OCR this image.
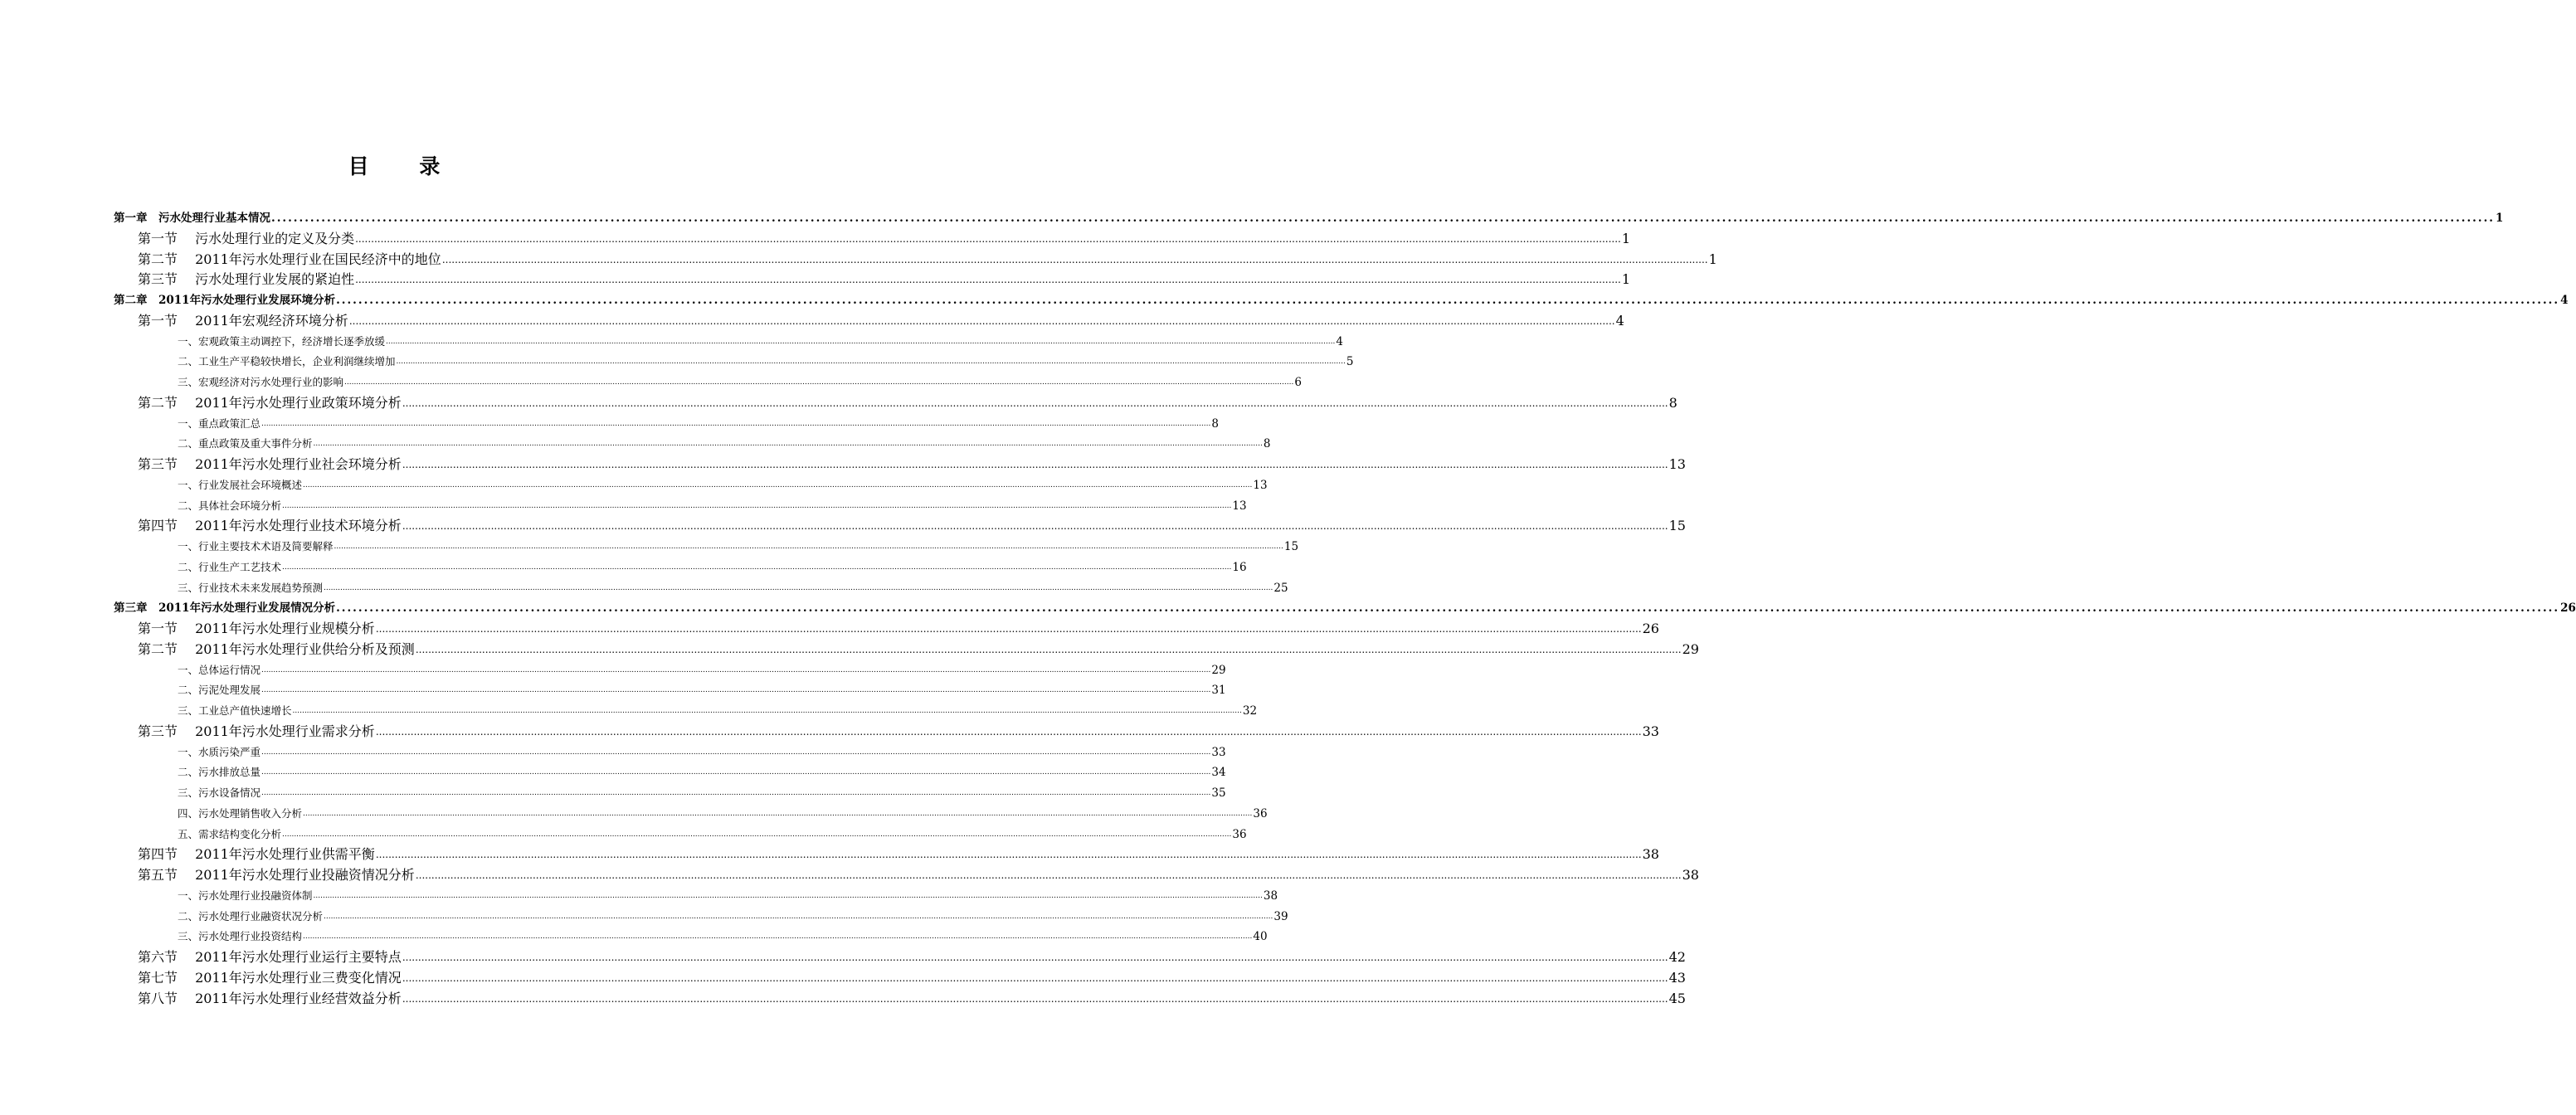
目 录
第一章　污水处理行业基本情况 ................................................................................................................................................................................................................................................................................................................................................................................................................ 1
第一节　 污水处理行业的定义及分类 ................................................................................................................................................................................................................................................................................................................................................................................................................ 1
第二节　 2011年污水处理行业在国民经济中的地位 ................................................................................................................................................................................................................................................................................................................................................................................................................ 1
第三节　 污水处理行业发展的紧迫性 ................................................................................................................................................................................................................................................................................................................................................................................................................ 1
第二章　2011年污水处理行业发展环境分析 ................................................................................................................................................................................................................................................................................................................................................................................................................ 4
第一节　 2011年宏观经济环境分析 ................................................................................................................................................................................................................................................................................................................................................................................................................ 4
一、宏观政策主动调控下，经济增长逐季放缓 ................................................................................................................................................................................................................................................................................................................................................................................................................ 4
二、工业生产平稳较快增长，企业利润继续增加 ................................................................................................................................................................................................................................................................................................................................................................................................................ 5
三、宏观经济对污水处理行业的影响 ................................................................................................................................................................................................................................................................................................................................................................................................................ 6
第二节　 2011年污水处理行业政策环境分析 ................................................................................................................................................................................................................................................................................................................................................................................................................ 8
一、重点政策汇总 ................................................................................................................................................................................................................................................................................................................................................................................................................ 8
二、重点政策及重大事件分析 ................................................................................................................................................................................................................................................................................................................................................................................................................ 8
第三节　 2011年污水处理行业社会环境分析 ................................................................................................................................................................................................................................................................................................................................................................................................................ 13
一、行业发展社会环境概述 ................................................................................................................................................................................................................................................................................................................................................................................................................ 13
二、具体社会环境分析 ................................................................................................................................................................................................................................................................................................................................................................................................................ 13
第四节　 2011年污水处理行业技术环境分析 ................................................................................................................................................................................................................................................................................................................................................................................................................ 15
一、行业主要技术术语及简要解释 ................................................................................................................................................................................................................................................................................................................................................................................................................ 15
二、行业生产工艺技术 ................................................................................................................................................................................................................................................................................................................................................................................................................ 16
三、行业技术未来发展趋势预测 ................................................................................................................................................................................................................................................................................................................................................................................................................ 25
第三章　2011年污水处理行业发展情况分析 ................................................................................................................................................................................................................................................................................................................................................................................................................ 26
第一节　 2011年污水处理行业规模分析 ................................................................................................................................................................................................................................................................................................................................................................................................................ 26
第二节　 2011年污水处理行业供给分析及预测 ................................................................................................................................................................................................................................................................................................................................................................................................................ 29
一、总体运行情况 ................................................................................................................................................................................................................................................................................................................................................................................................................ 29
二、污泥处理发展 ................................................................................................................................................................................................................................................................................................................................................................................................................ 31
三、工业总产值快速增长 ................................................................................................................................................................................................................................................................................................................................................................................................................ 32
第三节　 2011年污水处理行业需求分析 ................................................................................................................................................................................................................................................................................................................................................................................................................ 33
一、水质污染严重 ................................................................................................................................................................................................................................................................................................................................................................................................................ 33
二、污水排放总量 ................................................................................................................................................................................................................................................................................................................................................................................................................ 34
三、污水设备情况 ................................................................................................................................................................................................................................................................................................................................................................................................................ 35
四、污水处理销售收入分析 ................................................................................................................................................................................................................................................................................................................................................................................................................ 36
五、需求结构变化分析 ................................................................................................................................................................................................................................................................................................................................................................................................................ 36
第四节　 2011年污水处理行业供需平衡 ................................................................................................................................................................................................................................................................................................................................................................................................................ 38
第五节　 2011年污水处理行业投融资情况分析 ................................................................................................................................................................................................................................................................................................................................................................................................................ 38
一、污水处理行业投融资体制 ................................................................................................................................................................................................................................................................................................................................................................................................................ 38
二、污水处理行业融资状况分析 ................................................................................................................................................................................................................................................................................................................................................................................................................ 39
三、污水处理行业投资结构 ................................................................................................................................................................................................................................................................................................................................................................................................................ 40
第六节　 2011年污水处理行业运行主要特点 ................................................................................................................................................................................................................................................................................................................................................................................................................ 42
第七节　 2011年污水处理行业三费变化情况 ................................................................................................................................................................................................................................................................................................................................................................................................................ 43
第八节　 2011年污水处理行业经营效益分析 ................................................................................................................................................................................................................................................................................................................................................................................................................ 45
